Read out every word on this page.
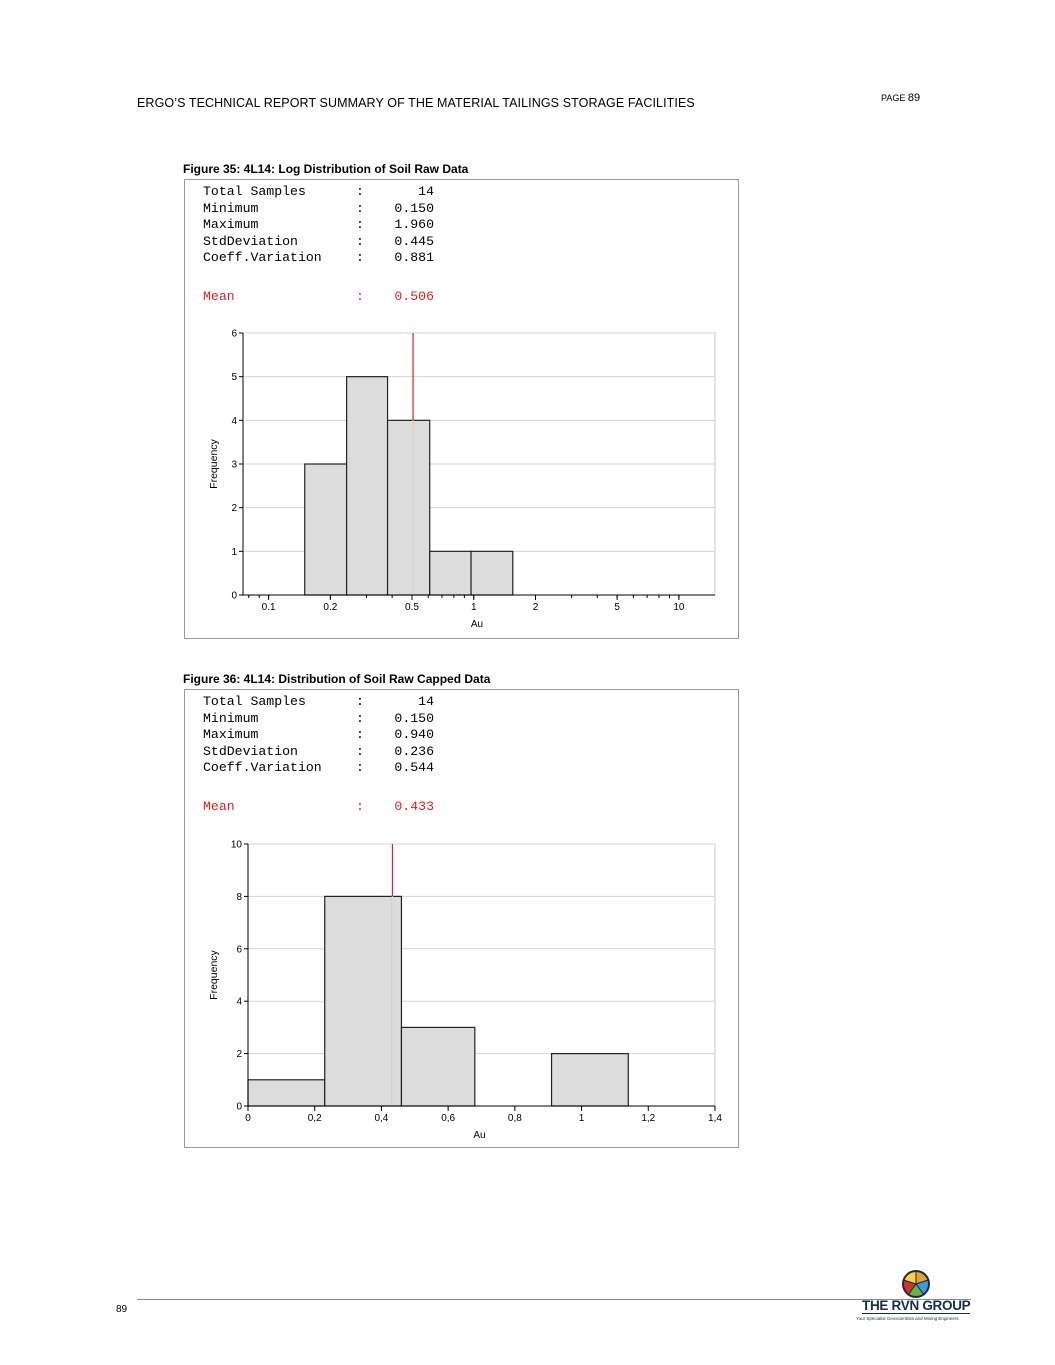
ERGO’S TECHNICAL REPORT SUMMARY OF THE MATERIAL TAILINGS STORAGE FACILITIES	PAGE 89
Figure 35: 4L14: Log Distribution of Soil Raw Data
Total Samples	:	14
Minimum	: 0.150
Maximum	: 1.960
StdDeviation	: 0.445
Coeff.Variation	: 0.881
Mean	: 0.506
0
1
2
3
4
5
6
0.1	0.2	0.5	1	2	5	10
Au
Frequency
Figure 36: 4L14: Distribution of Soil Raw Capped Data
Total Samples	:	14
Minimum	: 0.150
Maximum	: 0.940
StdDeviation	: 0.236
Coeff.Variation	: 0.544
Mean	: 0.433
0
2
4
6
8
10
0	0,2	0,4	0,6	0,8	1	1,2	1,4
Au
Frequency
89	THE RVN GROUP
Your Specialist Geoscientists and Mining Engineers
